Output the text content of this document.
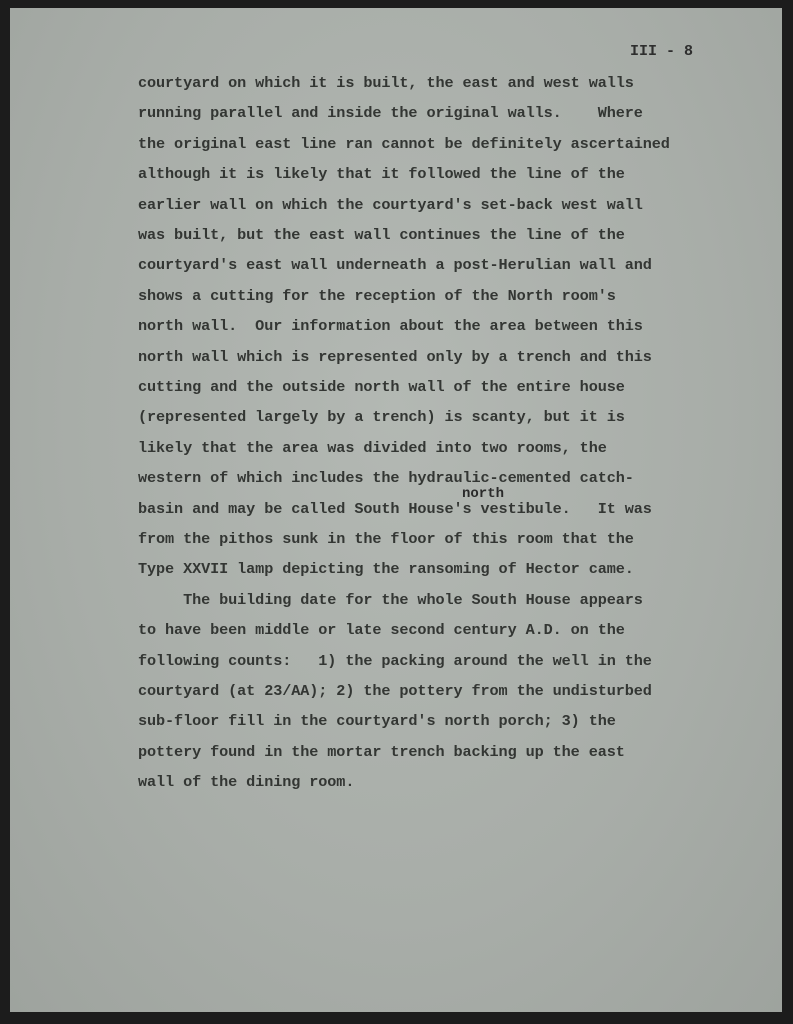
III - 8
courtyard on which it is built, the east and west walls
running parallel and inside the original walls.    Where
the original east line ran cannot be definitely ascertained
although it is likely that it followed the line of the
earlier wall on which the courtyard's set-back west wall
was built, but the east wall continues the line of the
courtyard's east wall underneath a post-Herulian wall and
shows a cutting for the reception of the North room's
north wall.  Our information about the area between this
north wall which is represented only by a trench and this
cutting and the outside north wall of the entire house
(represented largely by a trench) is scanty, but it is
likely that the area was divided into two rooms, the
western of which includes the hydraulic-cemented catch-
basin and may be called South House's vestibule.   It was
from the pithos sunk in the floor of this room that the
Type XXVII lamp depicting the ransoming of Hector came.
The building date for the whole South House appears
to have been middle or late second century A.D. on the
following counts:   1) the packing around the well in the
courtyard (at 23/AA); 2) the pottery from the undisturbed
sub-floor fill in the courtyard's north porch; 3) the
pottery found in the mortar trench backing up the east
wall of the dining room.
north
